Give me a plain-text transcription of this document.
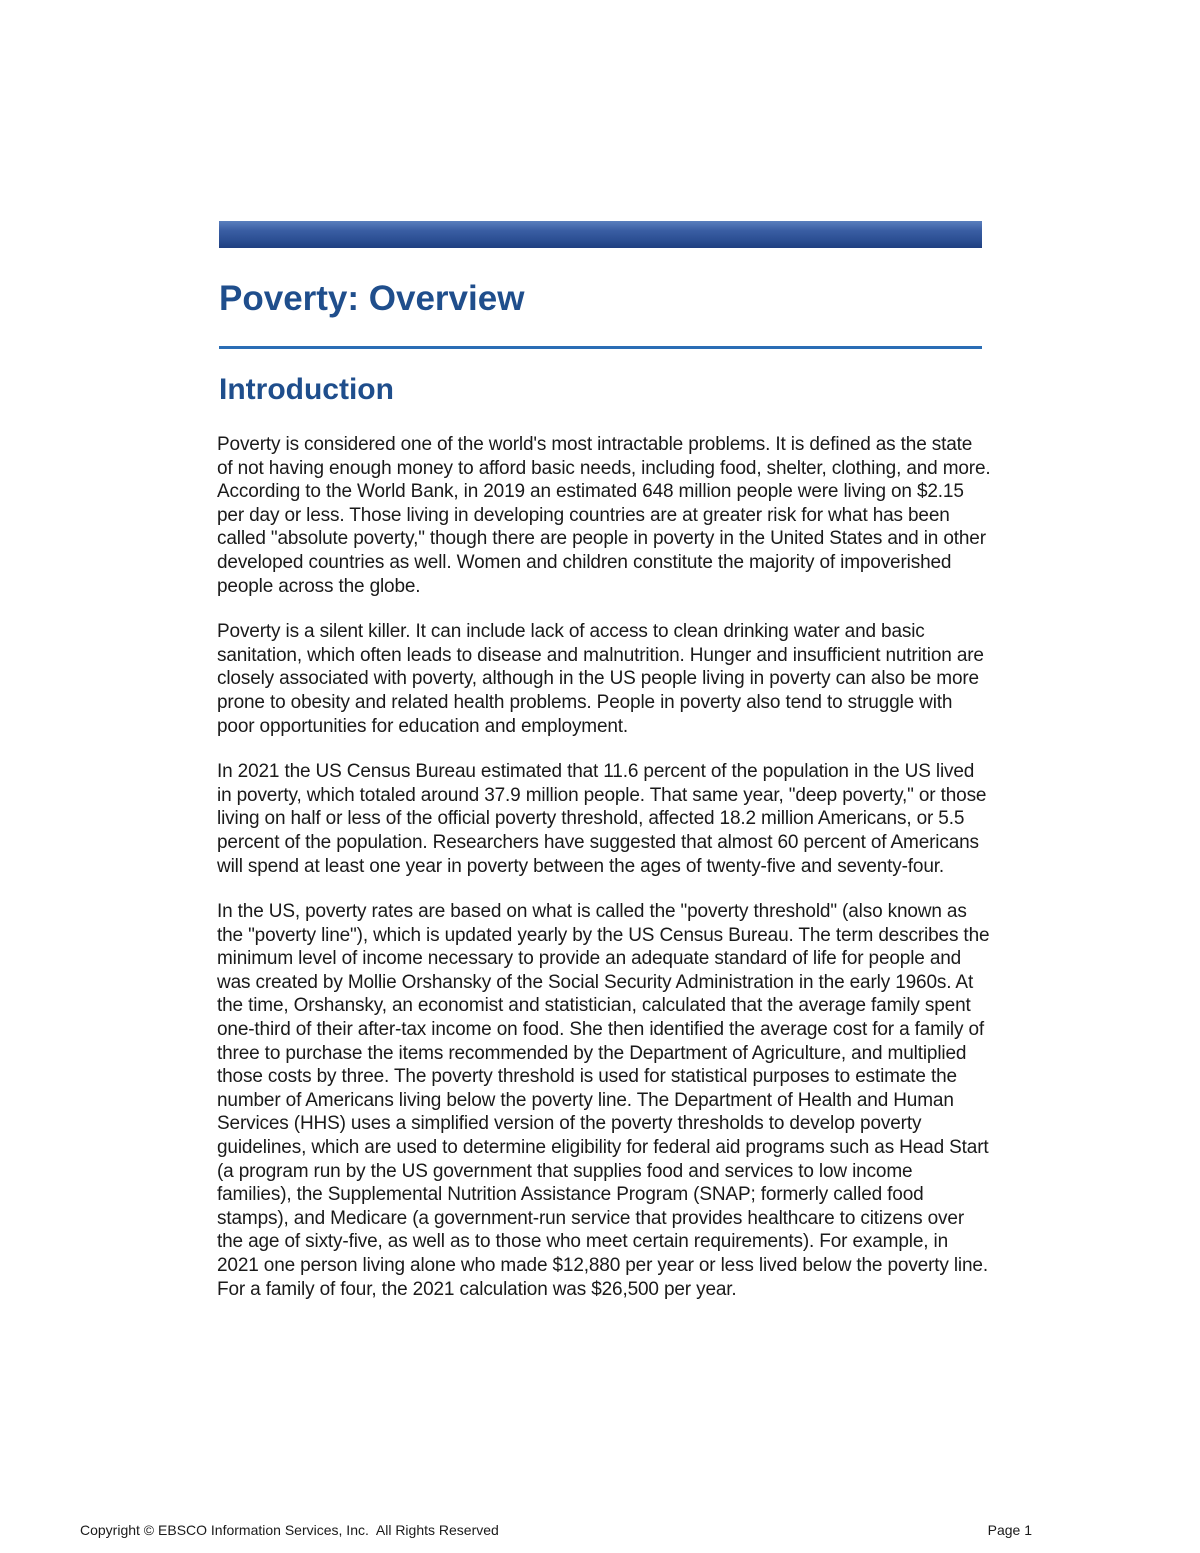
Poverty: Overview
Introduction

Poverty is considered one of the world's most intractable problems. It is defined as the state of not having enough money to afford basic needs, including food, shelter, clothing, and more. According to the World Bank, in 2019 an estimated 648 million people were living on $2.15 per day or less. Those living in developing countries are at greater risk for what has been called "absolute poverty," though there are people in poverty in the United States and in other developed countries as well. Women and children constitute the majority of impoverished people across the globe.

Poverty is a silent killer. It can include lack of access to clean drinking water and basic sanitation, which often leads to disease and malnutrition. Hunger and insufficient nutrition are closely associated with poverty, although in the US people living in poverty can also be more prone to obesity and related health problems. People in poverty also tend to struggle with poor opportunities for education and employment.

In 2021 the US Census Bureau estimated that 11.6 percent of the population in the US lived in poverty, which totaled around 37.9 million people. That same year, "deep poverty," or those living on half or less of the official poverty threshold, affected 18.2 million Americans, or 5.5 percent of the population. Researchers have suggested that almost 60 percent of Americans will spend at least one year in poverty between the ages of twenty-five and seventy-four.

In the US, poverty rates are based on what is called the "poverty threshold" (also known as the "poverty line"), which is updated yearly by the US Census Bureau. The term describes the minimum level of income necessary to provide an adequate standard of life for people and was created by Mollie Orshansky of the Social Security Administration in the early 1960s. At the time, Orshansky, an economist and statistician, calculated that the average family spent one-third of their after-tax income on food. She then identified the average cost for a family of three to purchase the items recommended by the Department of Agriculture, and multiplied those costs by three. The poverty threshold is used for statistical purposes to estimate the number of Americans living below the poverty line. The Department of Health and Human Services (HHS) uses a simplified version of the poverty thresholds to develop poverty guidelines, which are used to determine eligibility for federal aid programs such as Head Start (a program run by the US government that supplies food and services to low income families), the Supplemental Nutrition Assistance Program (SNAP; formerly called food stamps), and Medicare (a government-run service that provides healthcare to citizens over the age of sixty-five, as well as to those who meet certain requirements). For example, in 2021 one person living alone who made $12,880 per year or less lived below the poverty line. For a family of four, the 2021 calculation was $26,500 per year.

Copyright © EBSCO Information Services, Inc.  All Rights Reserved	Page 1
